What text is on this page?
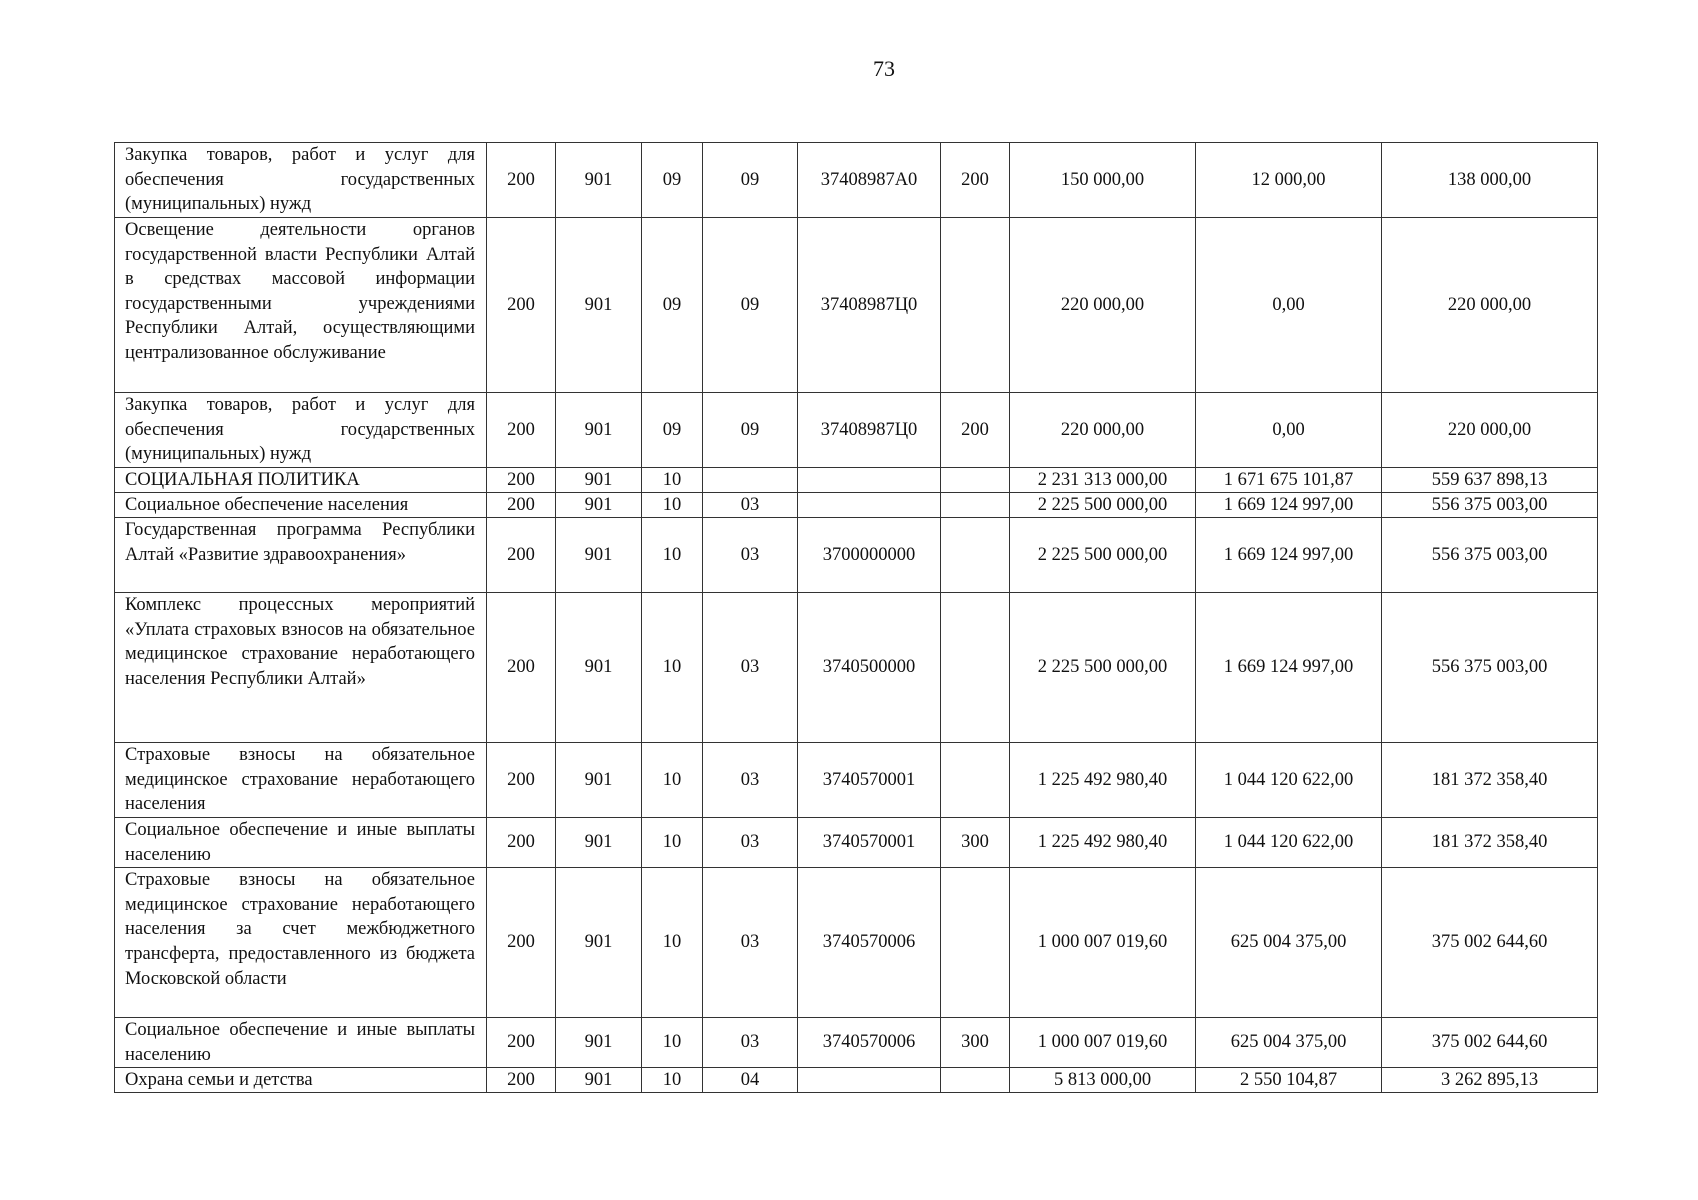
73
Закупка товаров, работ и услуг для обеспечения государственных (муниципальных) нужд	200	901	09	09	37408987А0	200	150 000,00	12 000,00	138 000,00
Освещение деятельности органов государственной власти Республики Алтай в средствах массовой информации государственными учреждениями Республики Алтай, осуществляющими централизованное обслуживание	200	901	09	09	37408987Ц0		220 000,00	0,00	220 000,00
Закупка товаров, работ и услуг для обеспечения государственных (муниципальных) нужд	200	901	09	09	37408987Ц0	200	220 000,00	0,00	220 000,00
СОЦИАЛЬНАЯ ПОЛИТИКА	200	901	10				2 231 313 000,00	1 671 675 101,87	559 637 898,13
Социальное обеспечение населения	200	901	10	03			2 225 500 000,00	1 669 124 997,00	556 375 003,00
Государственная программа Республики Алтай «Развитие здравоохранения»	200	901	10	03	3700000000		2 225 500 000,00	1 669 124 997,00	556 375 003,00
Комплекс процессных мероприятий «Уплата страховых взносов на обязательное медицинское страхование неработающего населения Республики Алтай»	200	901	10	03	3740500000		2 225 500 000,00	1 669 124 997,00	556 375 003,00
Страховые взносы на обязательное медицинское страхование неработающего населения	200	901	10	03	3740570001		1 225 492 980,40	1 044 120 622,00	181 372 358,40
Социальное обеспечение и иные выплаты населению	200	901	10	03	3740570001	300	1 225 492 980,40	1 044 120 622,00	181 372 358,40
Страховые взносы на обязательное медицинское страхование неработающего населения за счет межбюджетного трансферта, предоставленного из бюджета Московской области	200	901	10	03	3740570006		1 000 007 019,60	625 004 375,00	375 002 644,60
Социальное обеспечение и иные выплаты населению	200	901	10	03	3740570006	300	1 000 007 019,60	625 004 375,00	375 002 644,60
Охрана семьи и детства	200	901	10	04			5 813 000,00	2 550 104,87	3 262 895,13
